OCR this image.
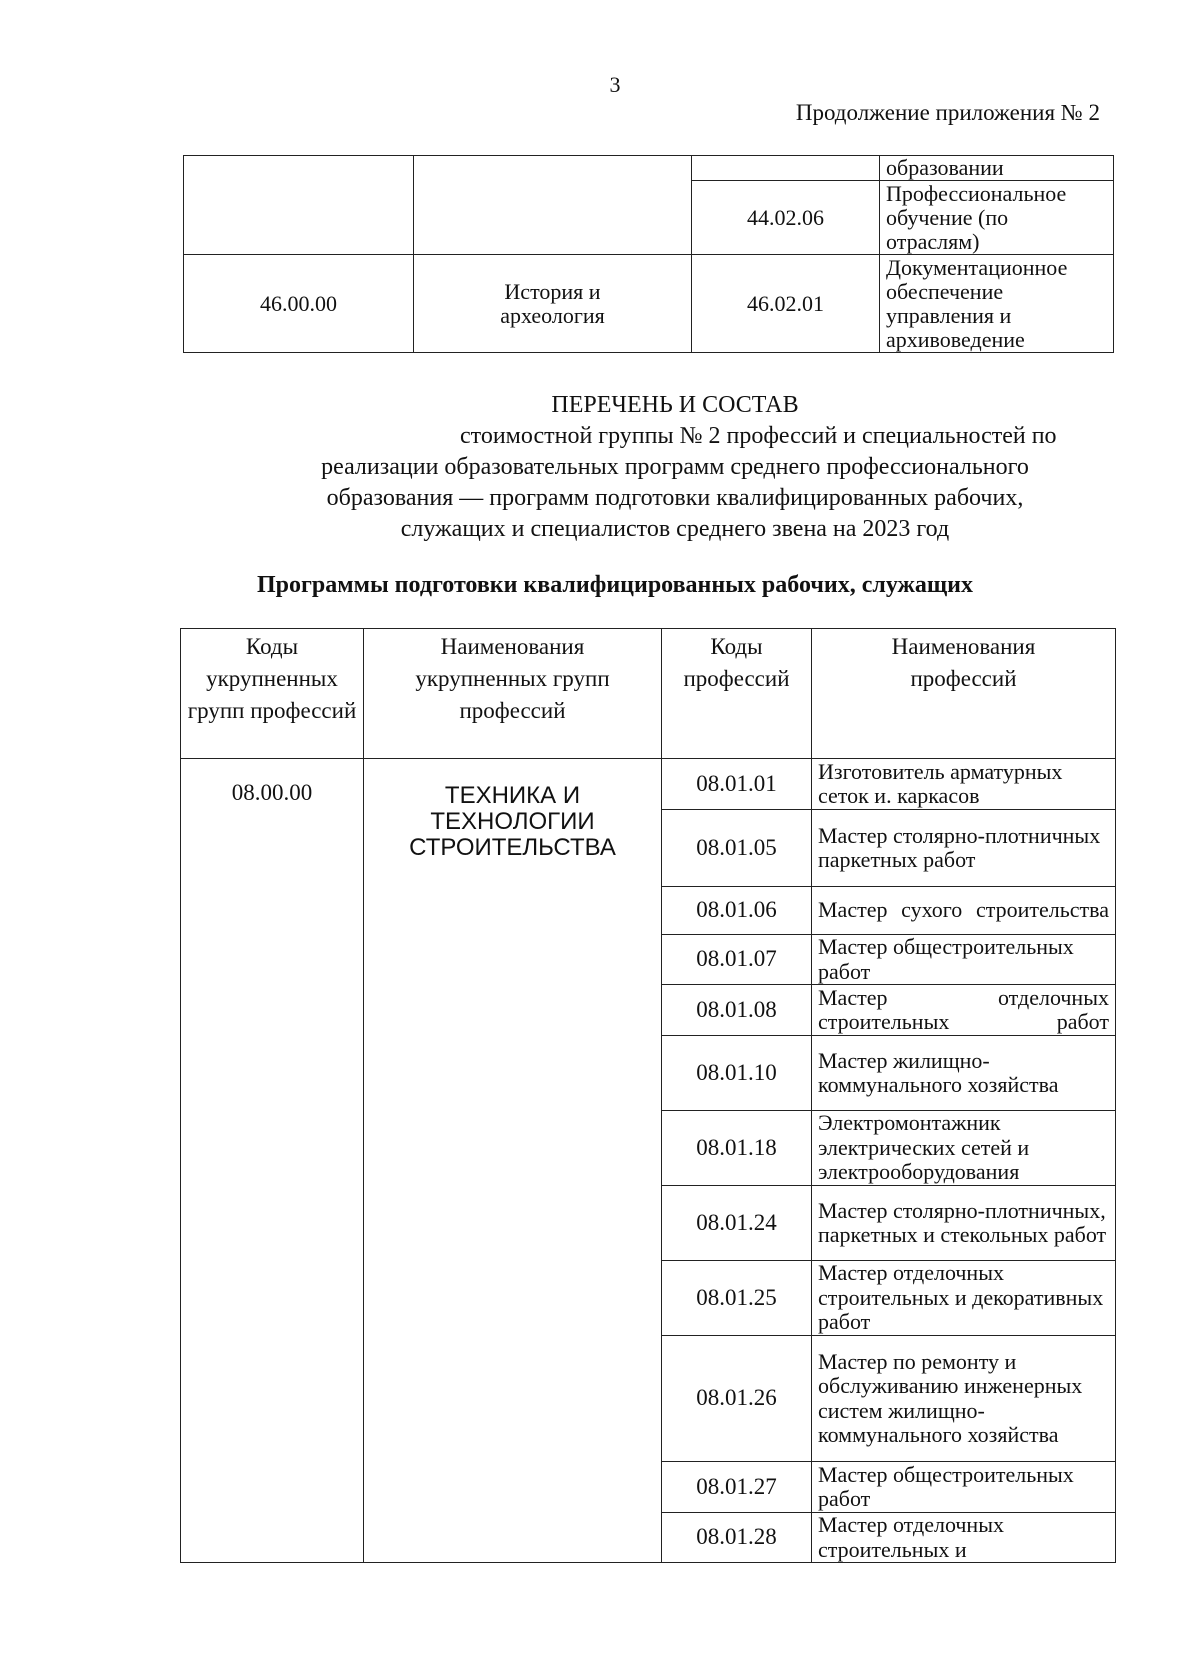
3
Продолжение приложения № 2
			образовании
		44.02.06	Профессиональное обучение (по отраслям)
46.00.00	История и археология	46.02.01	Документационное обеспечение управления и архивоведение
ПЕРЕЧЕНЬ И СОСТАВ
стоимостной группы № 2 профессий и специальностей по
реализации образовательных программ среднего профессионального
образования — программ подготовки квалифицированных рабочих,
служащих и специалистов среднего звена на 2023 год
Программы подготовки квалифицированных рабочих, служащих
Коды укрупненных групп профессий	Наименования укрупненных групп профессий	Коды профессий	Наименования профессий
08.00.00	ТЕХНИКА И ТЕХНОЛОГИИ СТРОИТЕЛЬСТВА	08.01.01	Изготовитель арматурных сеток и. каркасов
		08.01.05	Мастер столярно-плотничных паркетных работ
		08.01.06	Мастер сухого строительства
		08.01.07	Мастер общестроительных работ
		08.01.08	Мастер отделочных строительных работ
		08.01.10	Мастер жилищно-коммунального хозяйства
		08.01.18	Электромонтажник электрических сетей и электрооборудования
		08.01.24	Мастер столярно-плотничных, паркетных и стекольных работ
		08.01.25	Мастер отделочных строительных и декоративных работ
		08.01.26	Мастер по ремонту и обслуживанию инженерных систем жилищно-коммунального хозяйства
		08.01.27	Мастер общестроительных работ
		08.01.28	Мастер отделочных строительных и
